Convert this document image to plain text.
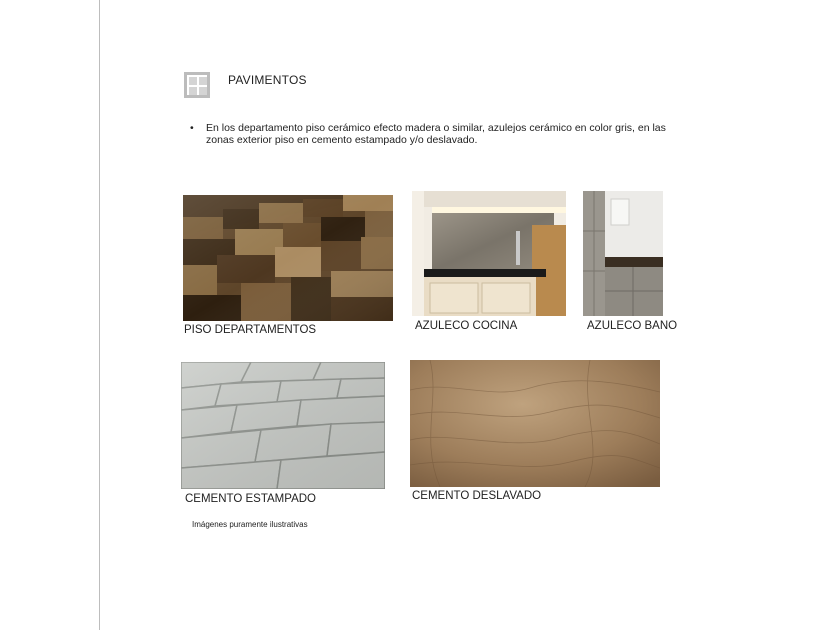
PAVIMENTOS
•	En los departamento piso cerámico efecto madera o similar, azulejos cerámico en color gris, en las zonas exterior piso en cemento estampado y/o deslavado.
PISO DEPARTAMENTOS	AZULECO COCINA	AZULECO BANO
CEMENTO ESTAMPADO	CEMENTO DESLAVADO
Imágenes puramente ilustrativas
